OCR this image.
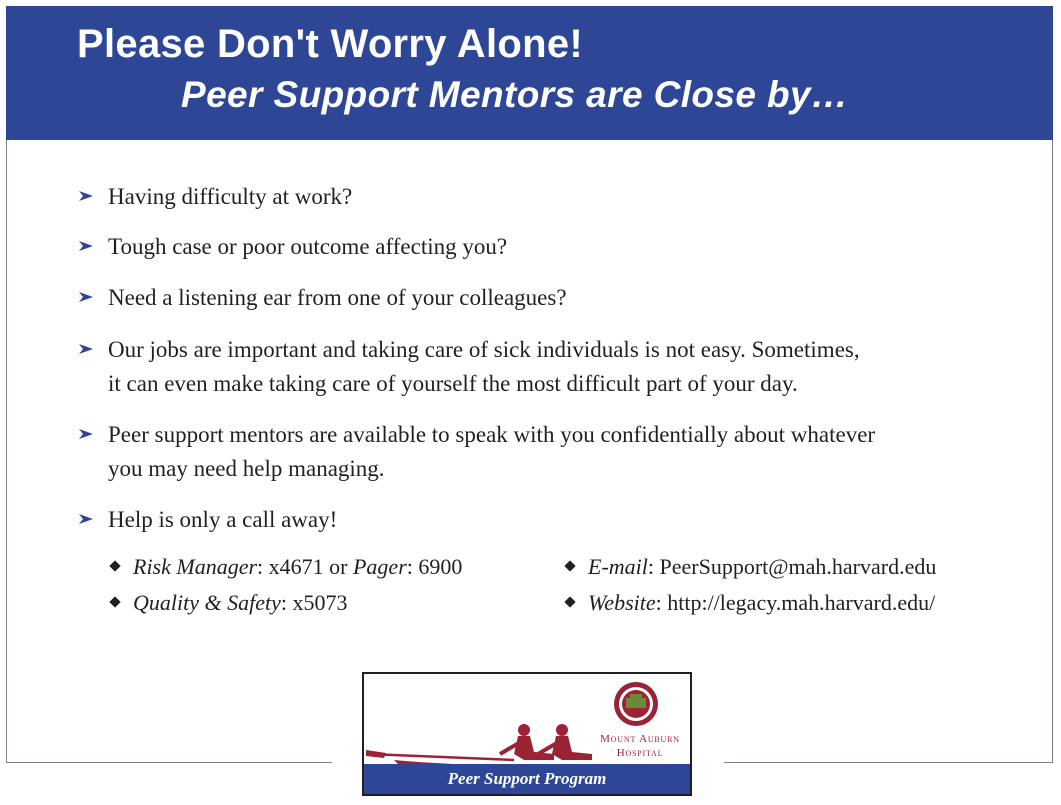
Please Don't Worry Alone!
Peer Support Mentors are Close by…
Having difficulty at work?
Tough case or poor outcome affecting you?
Need a listening ear from one of your colleagues?
Our jobs are important and taking care of sick individuals is not easy. Sometimes,
it can even make taking care of yourself the most difficult part of your day.
Peer support mentors are available to speak with you confidentially about whatever
you may need help managing.
Help is only a call away!
Risk Manager: x4671 or Pager: 6900
Quality & Safety: x5073
E-mail: PeerSupport@mah.harvard.edu
Website: http://legacy.mah.harvard.edu/
Mount Auburn
Hospital
Peer Support Program
